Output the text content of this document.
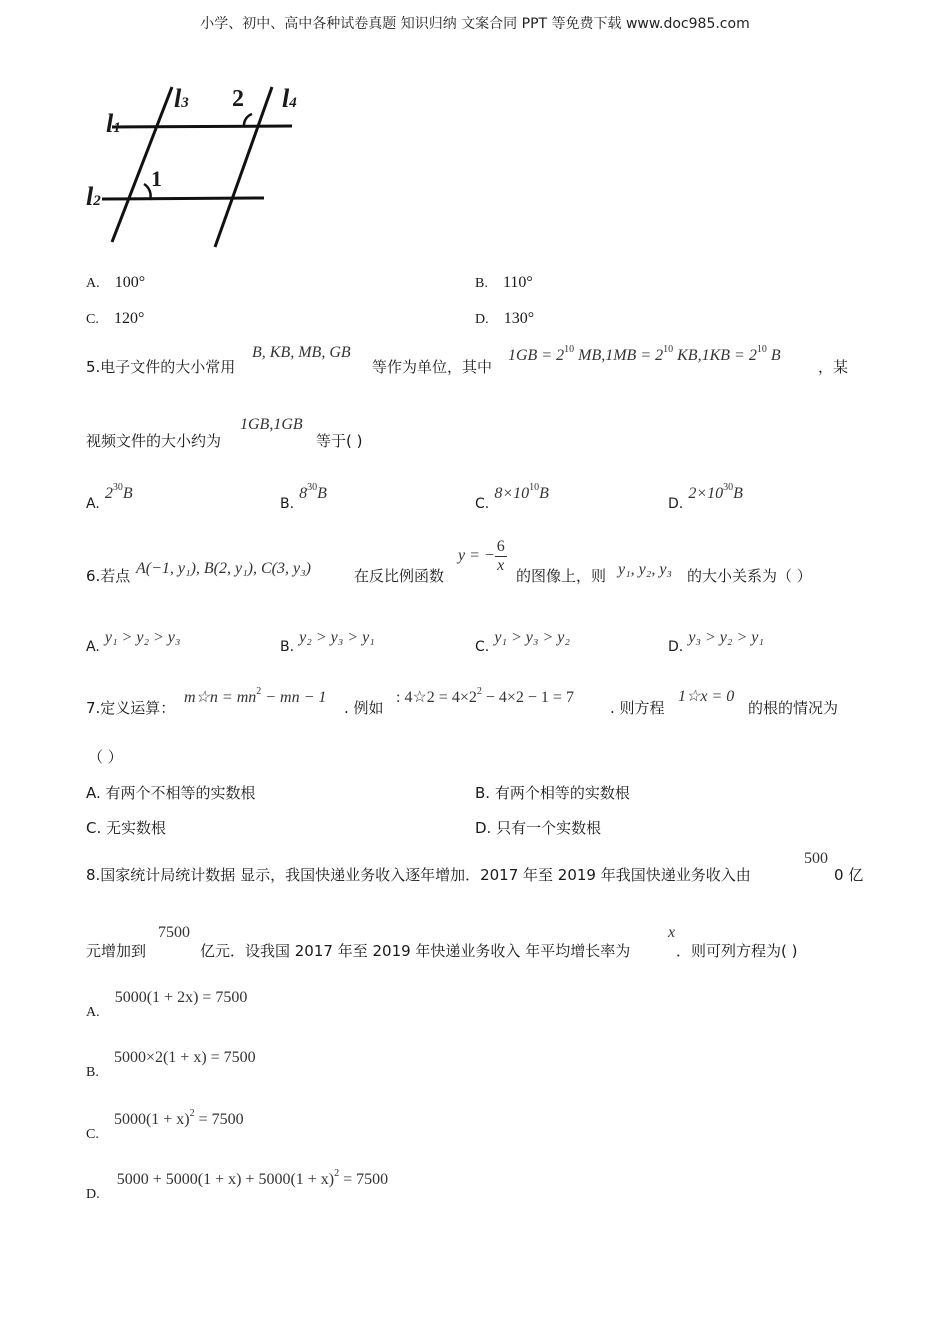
小学、初中、高中各种试卷真题 知识归纳 文案合同 PPT 等免费下载 www.doc985.com
l1
l2
l3	l4
1
2
A. 100°	B. 110°
C. 120°	D. 130°
5.电子文件的大小常用
B, KB, MB, GB
等作为单位，其中
$1GB = 2^{10}$ $MB,1MB = 2^{10}$ $KB,1KB = 2^{10}$ B
，某
视频文件的大小约为
1GB,1GB
等于( )
A. $2^{30}B$
B. $8^{30}B$
C. $8\times 10^{10}B$
D. $2\times 10^{30}B$
6.若点 A(−1, y₁), B(2, y₁), C(3, y₃)	在反比例函数
y = − $\frac{6}{x}$
的图像上，则 y₁, y₂, y₃ 的大小关系为（ ）
A. y₁ > y₂ > y₃
B. y₂ > y₃ > y₁
C. y₁ > y₃ > y₂
D. y₃ > y₂ > y₁
7.定义运算：
m☆n = $mn^2$ − mn − 1
. 例如
: 4☆2 = $4\times 2^2 - 4\times 2 - 1 = 7$
. 则方程
1☆x = 0
的根的情况为
（ ）
A. 有两个不相等的实数根	B. 有两个相等的实数根
C. 无实数根	D. 只有一个实数根
8.国家统计局统计数据 显示，我国快递业务收入逐年增加．2017 年至 2019 年我国快递业务收入由
500
0 亿
元增加到
7500
亿元．设我国 2017 年至 2019 年快递业务收入 年平均增长率为
x
．则可列方程为( )
A. 5000(1 + 2x) = 7500
B. 5000×2(1 + x) = 7500
C. $5000(1 + x)^2 = 7500$
D. $5000 + 5000(1 + x) + 5000(1 + x)^2 = 7500$
